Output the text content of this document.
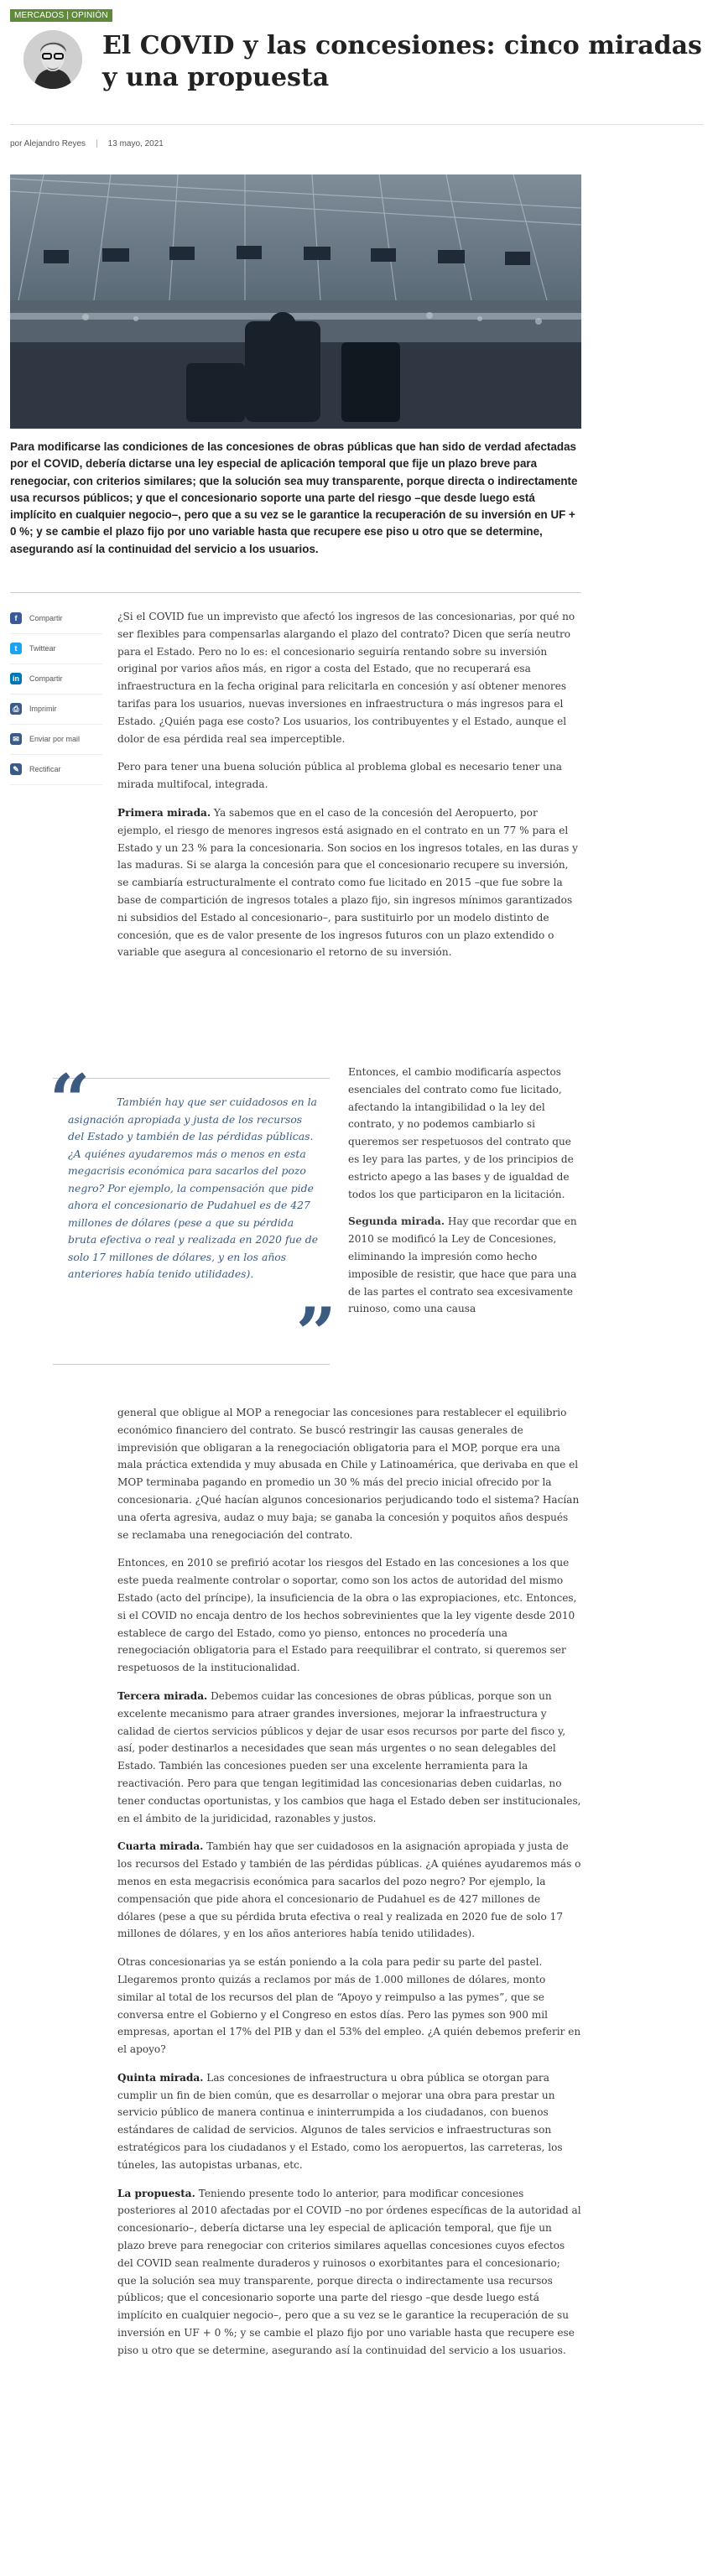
MERCADOS | OPINIÓN
El COVID y las concesiones: cinco miradas y una propuesta
por Alejandro Reyes | 13 mayo, 2021

Para modificarse las condiciones de las concesiones de obras públicas que han sido de verdad afectadas por el COVID, debería dictarse una ley especial de aplicación temporal que fije un plazo breve para renegociar, con criterios similares; que la solución sea muy transparente, porque directa o indirectamente usa recursos públicos; y que el concesionario soporte una parte del riesgo –que desde luego está implícito en cualquier negocio–, pero que a su vez se le garantice la recuperación de su inversión en UF + 0 %; y se cambie el plazo fijo por uno variable hasta que recupere ese piso u otro que se determine, asegurando así la continuidad del servicio a los usuarios.

f	Compartir
t	Twittear
in	Compartir
⎙	Imprimir
✉	Enviar por mail
✎	Rectificar

¿Si el COVID fue un imprevisto que afectó los ingresos de las concesionarias, por qué no ser flexibles para compensarlas alargando el plazo del contrato? Dicen que sería neutro para el Estado. Pero no lo es: el concesionario seguiría rentando sobre su inversión original por varios años más, en rigor a costa del Estado, que no recuperará esa infraestructura en la fecha original para relicitarla en concesión y así obtener menores tarifas para los usuarios, nuevas inversiones en infraestructura o más ingresos para el Estado. ¿Quién paga ese costo? Los usuarios, los contribuyentes y el Estado, aunque el dolor de esa pérdida real sea imperceptible.

Pero para tener una buena solución pública al problema global es necesario tener una mirada multifocal, integrada.

Primera mirada. Ya sabemos que en el caso de la concesión del Aeropuerto, por ejemplo, el riesgo de menores ingresos está asignado en el contrato en un 77 % para el Estado y un 23 % para la concesionaria. Son socios en los ingresos totales, en las duras y las maduras. Si se alarga la concesión para que el concesionario recupere su inversión, se cambiaría estructuralmente el contrato como fue licitado en 2015 –que fue sobre la base de compartición de ingresos totales a plazo fijo, sin ingresos mínimos garantizados ni subsidios del Estado al concesionario–, para sustituirlo por un modelo distinto de concesión, que es de valor presente de los ingresos futuros con un plazo extendido o variable que asegura al concesionario el retorno de su inversión.

“	También hay que ser cuidadosos en la asignación apropiada y justa de los recursos del Estado y también de las pérdidas públicas. ¿A quiénes ayudaremos más o menos en esta megacrisis económica para sacarlos del pozo negro? Por ejemplo, la compensación que pide ahora el concesionario de Pudahuel es de 427 millones de dólares (pese a que su pérdida bruta efectiva o real y realizada en 2020 fue de solo 17 millones de dólares, y en los años anteriores había tenido utilidades).
”

Entonces, el cambio modificaría aspectos esenciales del contrato como fue licitado, afectando la intangibilidad o la ley del contrato, y no podemos cambiarlo si queremos ser respetuosos del contrato que es ley para las partes, y de los principios de estricto apego a las bases y de igualdad de todos los que participaron en la licitación.

Segunda mirada. Hay que recordar que en 2010 se modificó la Ley de Concesiones, eliminando la impresión como hecho imposible de resistir, que hace que para una de las partes el contrato sea excesivamente ruinoso, como una causa

general que obligue al MOP a renegociar las concesiones para restablecer el equilibrio económico financiero del contrato. Se buscó restringir las causas generales de imprevisión que obligaran a la renegociación obligatoria para el MOP, porque era una mala práctica extendida y muy abusada en Chile y Latinoamérica, que derivaba en que el MOP terminaba pagando en promedio un 30 % más del precio inicial ofrecido por la concesionaria. ¿Qué hacían algunos concesionarios perjudicando todo el sistema? Hacían una oferta agresiva, audaz o muy baja; se ganaba la concesión y poquitos años después se reclamaba una renegociación del contrato.

Entonces, en 2010 se prefirió acotar los riesgos del Estado en las concesiones a los que este pueda realmente controlar o soportar, como son los actos de autoridad del mismo Estado (acto del príncipe), la insuficiencia de la obra o las expropiaciones, etc. Entonces, si el COVID no encaja dentro de los hechos sobrevinientes que la ley vigente desde 2010 establece de cargo del Estado, como yo pienso, entonces no procedería una renegociación obligatoria para el Estado para reequilibrar el contrato, si queremos ser respetuosos de la institucionalidad.

Tercera mirada. Debemos cuidar las concesiones de obras públicas, porque son un excelente mecanismo para atraer grandes inversiones, mejorar la infraestructura y calidad de ciertos servicios públicos y dejar de usar esos recursos por parte del fisco y, así, poder destinarlos a necesidades que sean más urgentes o no sean delegables del Estado. También las concesiones pueden ser una excelente herramienta para la reactivación. Pero para que tengan legitimidad las concesionarias deben cuidarlas, no tener conductas oportunistas, y los cambios que haga el Estado deben ser institucionales, en el ámbito de la juridicidad, razonables y justos.

Cuarta mirada. También hay que ser cuidadosos en la asignación apropiada y justa de los recursos del Estado y también de las pérdidas públicas. ¿A quiénes ayudaremos más o menos en esta megacrisis económica para sacarlos del pozo negro? Por ejemplo, la compensación que pide ahora el concesionario de Pudahuel es de 427 millones de dólares (pese a que su pérdida bruta efectiva o real y realizada en 2020 fue de solo 17 millones de dólares, y en los años anteriores había tenido utilidades).

Otras concesionarias ya se están poniendo a la cola para pedir su parte del pastel. Llegaremos pronto quizás a reclamos por más de 1.000 millones de dólares, monto similar al total de los recursos del plan de “Apoyo y reimpulso a las pymes”, que se conversa entre el Gobierno y el Congreso en estos días. Pero las pymes son 900 mil empresas, aportan el 17% del PIB y dan el 53% del empleo. ¿A quién debemos preferir en el apoyo?

Quinta mirada. Las concesiones de infraestructura u obra pública se otorgan para cumplir un fin de bien común, que es desarrollar o mejorar una obra para prestar un servicio público de manera continua e ininterrumpida a los ciudadanos, con buenos estándares de calidad de servicios. Algunos de tales servicios e infraestructuras son estratégicos para los ciudadanos y el Estado, como los aeropuertos, las carreteras, los túneles, las autopistas urbanas, etc.

La propuesta. Teniendo presente todo lo anterior, para modificar concesiones posteriores al 2010 afectadas por el COVID –no por órdenes específicas de la autoridad al concesionario–, debería dictarse una ley especial de aplicación temporal, que fije un plazo breve para renegociar con criterios similares aquellas concesiones cuyos efectos del COVID sean realmente duraderos y ruinosos o exorbitantes para el concesionario; que la solución sea muy transparente, porque directa o indirectamente usa recursos públicos; que el concesionario soporte una parte del riesgo –que desde luego está implícito en cualquier negocio–, pero que a su vez se le garantice la recuperación de su inversión en UF + 0 %; y se cambie el plazo fijo por uno variable hasta que recupere ese piso u otro que se determine, asegurando así la continuidad del servicio a los usuarios.
